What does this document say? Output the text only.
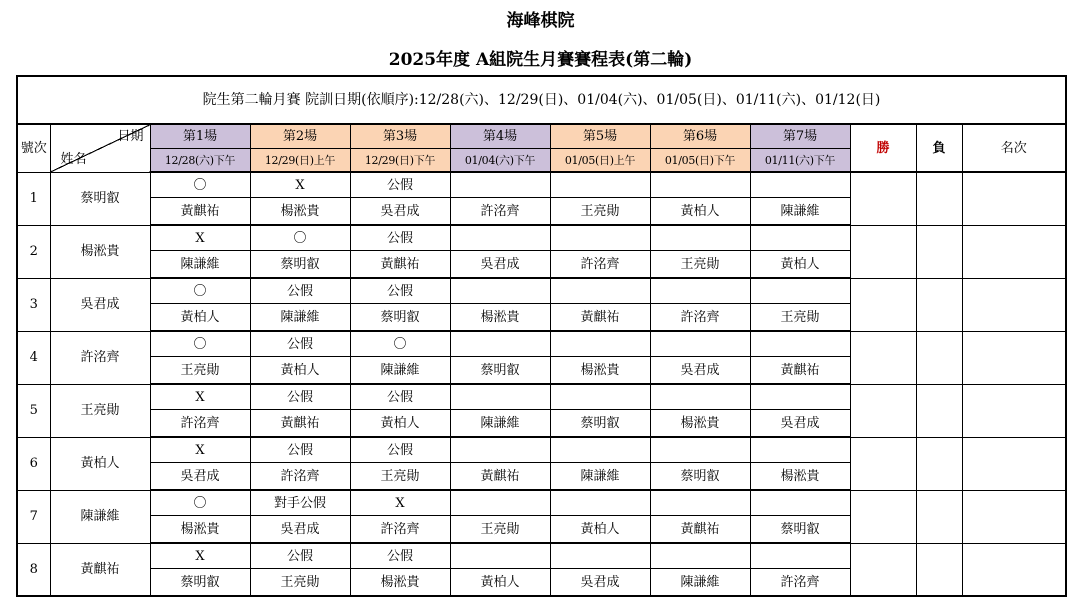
海峰棋院
2025年度 A組院生月賽賽程表(第二輪)
院生第二輪月賽 院訓日期(依順序):12/28(六)、12/29(日)、01/04(六)、01/05(日)、01/11(六)、01/12(日)											
號次	日期
姓名	第1場	第2場	第3場	第4場	第5場	第6場	第7場	勝	負	名次
		12/28(六)下午	12/29(日)上午	12/29(日)下午	01/04(六)下午	01/05(日)上午	01/05(日)下午	01/11(六)下午			
1	蔡明叡	〇	X	公假							
		黃麒祐	楊淞貴	吳君成	許洺齊	王亮勛	黃柏人	陳謙維			
2	楊淞貴	X	〇	公假							
		陳謙維	蔡明叡	黃麒祐	吳君成	許洺齊	王亮勛	黃柏人			
3	吳君成	〇	公假	公假							
		黃柏人	陳謙維	蔡明叡	楊淞貴	黃麒祐	許洺齊	王亮勛			
4	許洺齊	〇	公假	〇							
		王亮勛	黃柏人	陳謙維	蔡明叡	楊淞貴	吳君成	黃麒祐			
5	王亮勛	X	公假	公假							
		許洺齊	黃麒祐	黃柏人	陳謙維	蔡明叡	楊淞貴	吳君成			
6	黃柏人	X	公假	公假							
		吳君成	許洺齊	王亮勛	黃麒祐	陳謙維	蔡明叡	楊淞貴			
7	陳謙維	〇	對手公假	X							
		楊淞貴	吳君成	許洺齊	王亮勛	黃柏人	黃麒祐	蔡明叡			
8	黃麒祐	X	公假	公假							
		蔡明叡	王亮勛	楊淞貴	黃柏人	吳君成	陳謙維	許洺齊			
